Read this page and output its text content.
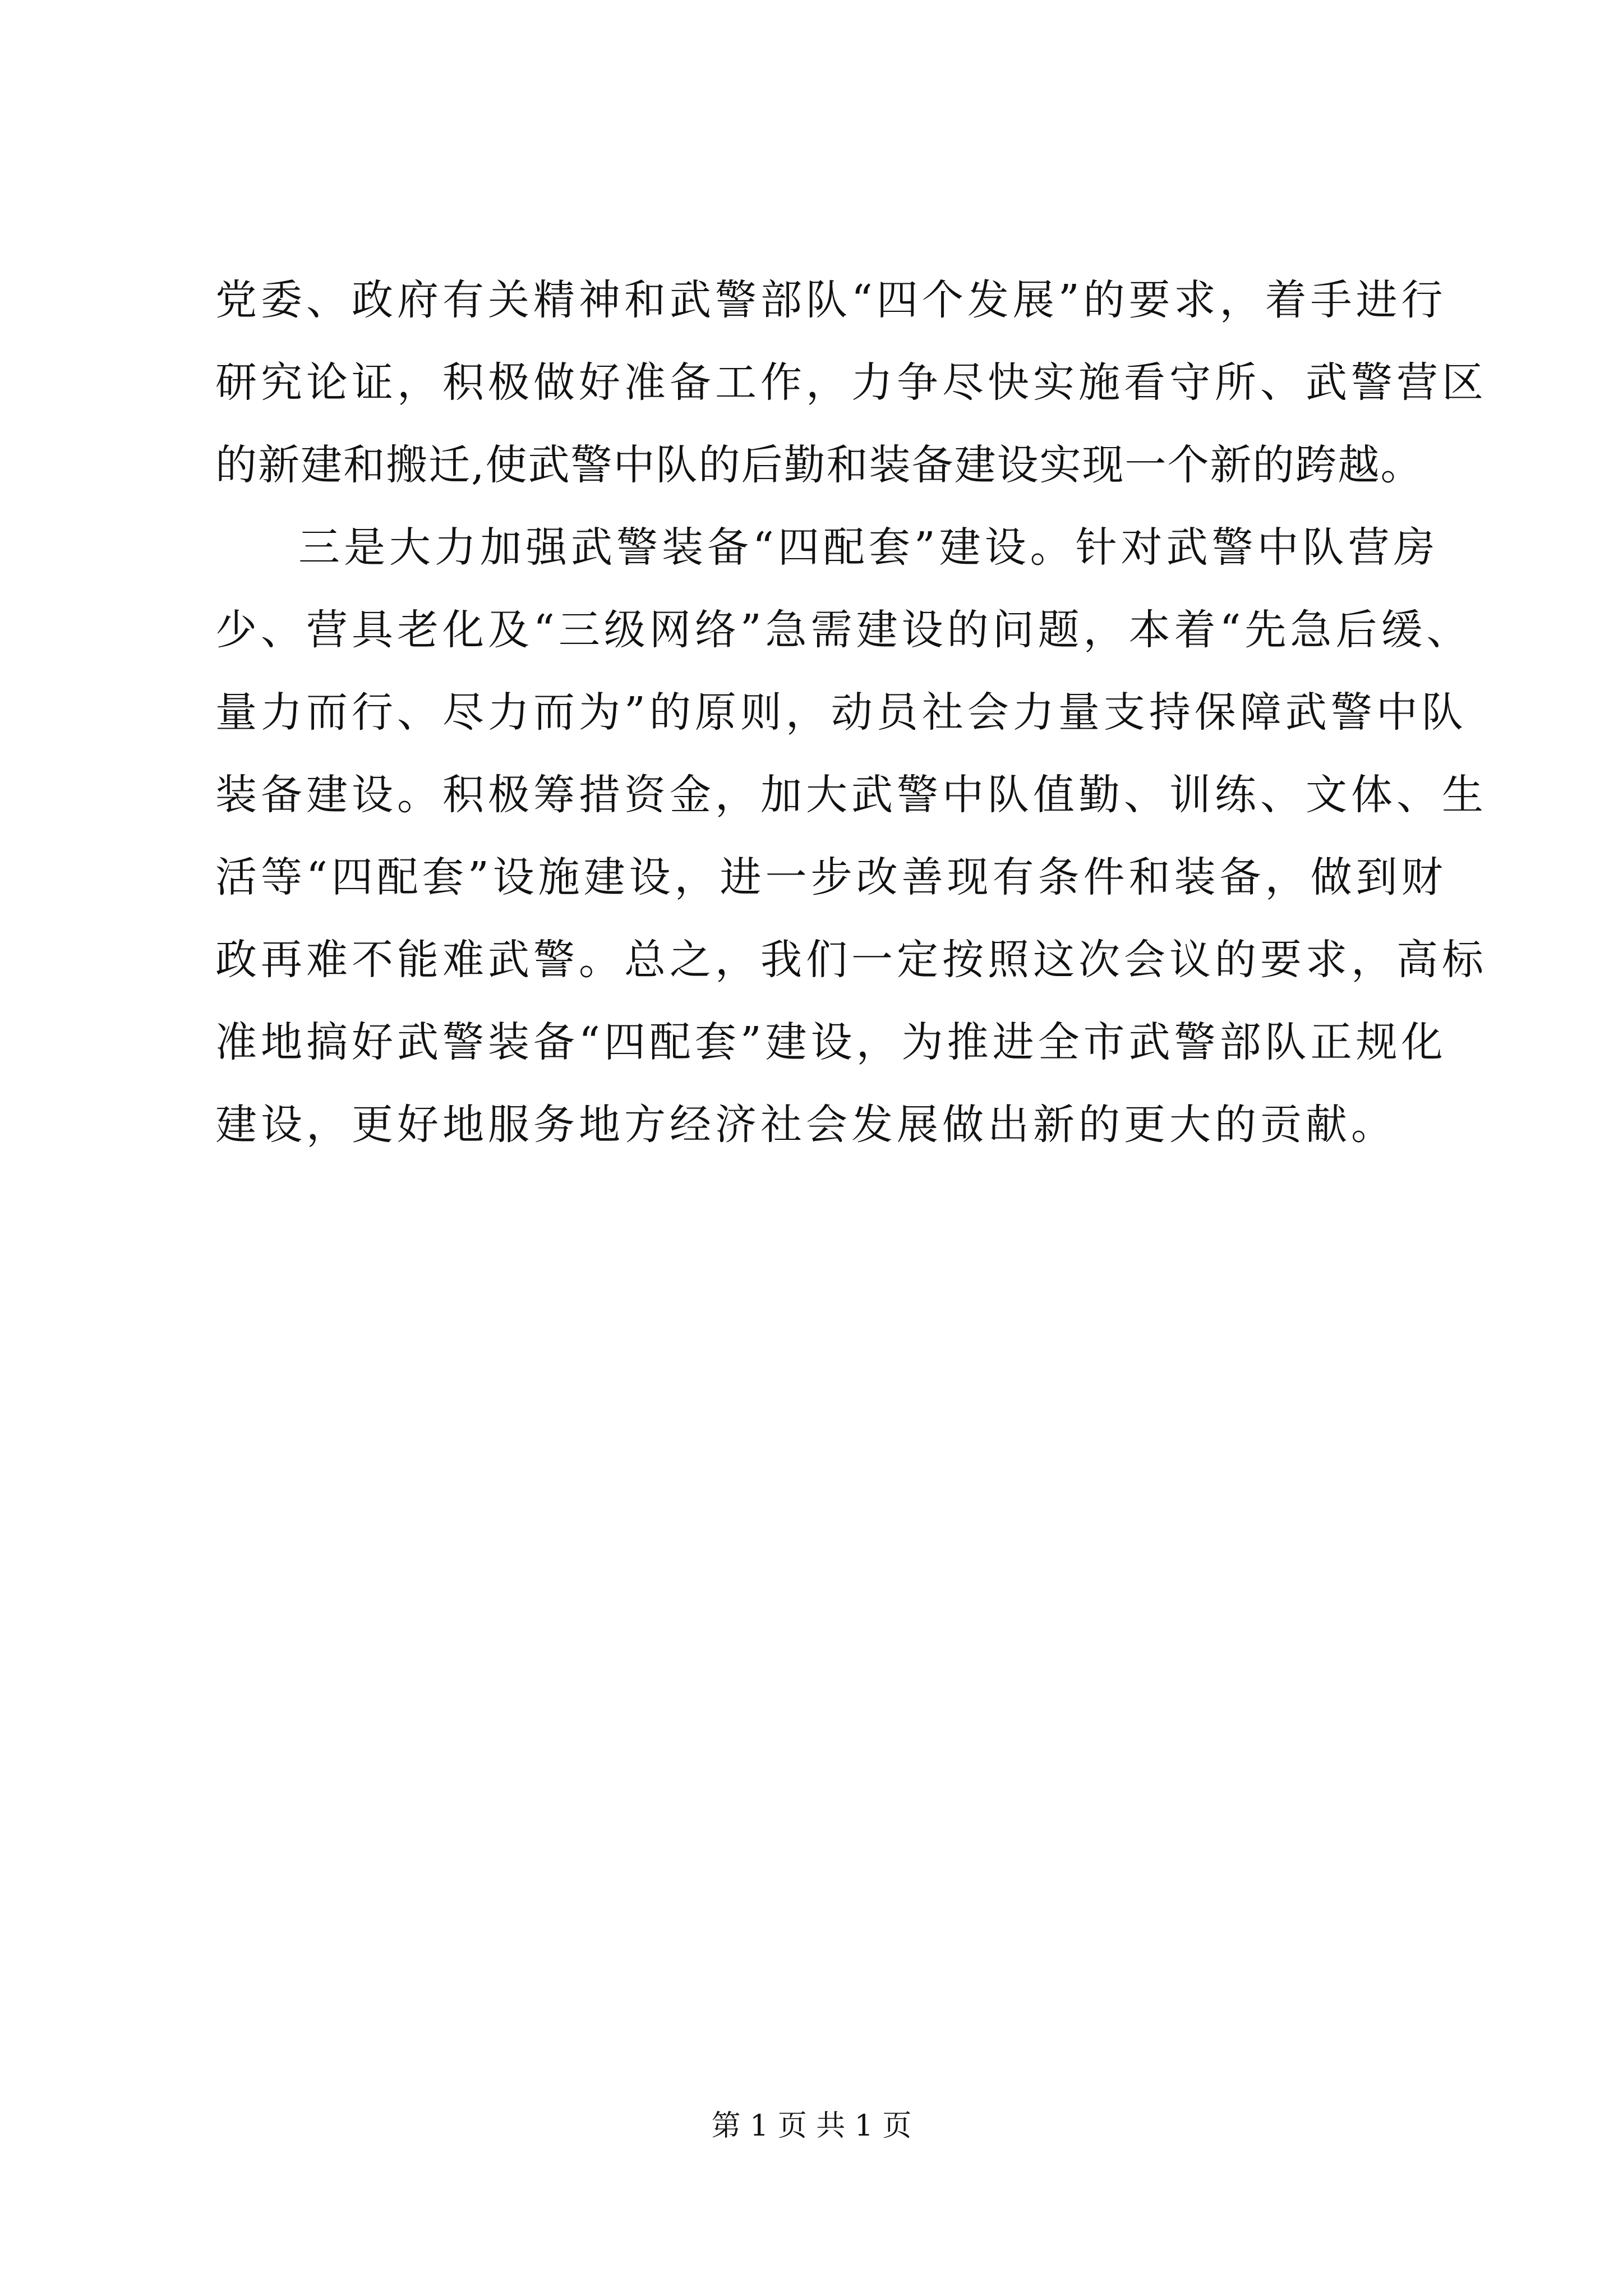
党委、政府有关精神和武警部队“四个发展”的要求，着手进行
研究论证，积极做好准备工作，力争尽快实施看守所、武警营区
的新建和搬迁,使武警中队的后勤和装备建设实现一个新的跨越。
三是大力加强武警装备“四配套”建设。针对武警中队营房
少、营具老化及“三级网络”急需建设的问题，本着“先急后缓、
量力而行、尽力而为”的原则，动员社会力量支持保障武警中队
装备建设。积极筹措资金，加大武警中队值勤、训练、文体、生
活等“四配套”设施建设，进一步改善现有条件和装备，做到财
政再难不能难武警。总之，我们一定按照这次会议的要求，高标
准地搞好武警装备“四配套”建设，为推进全市武警部队正规化
建设，更好地服务地方经济社会发展做出新的更大的贡献。
第 1 页 共 1 页
